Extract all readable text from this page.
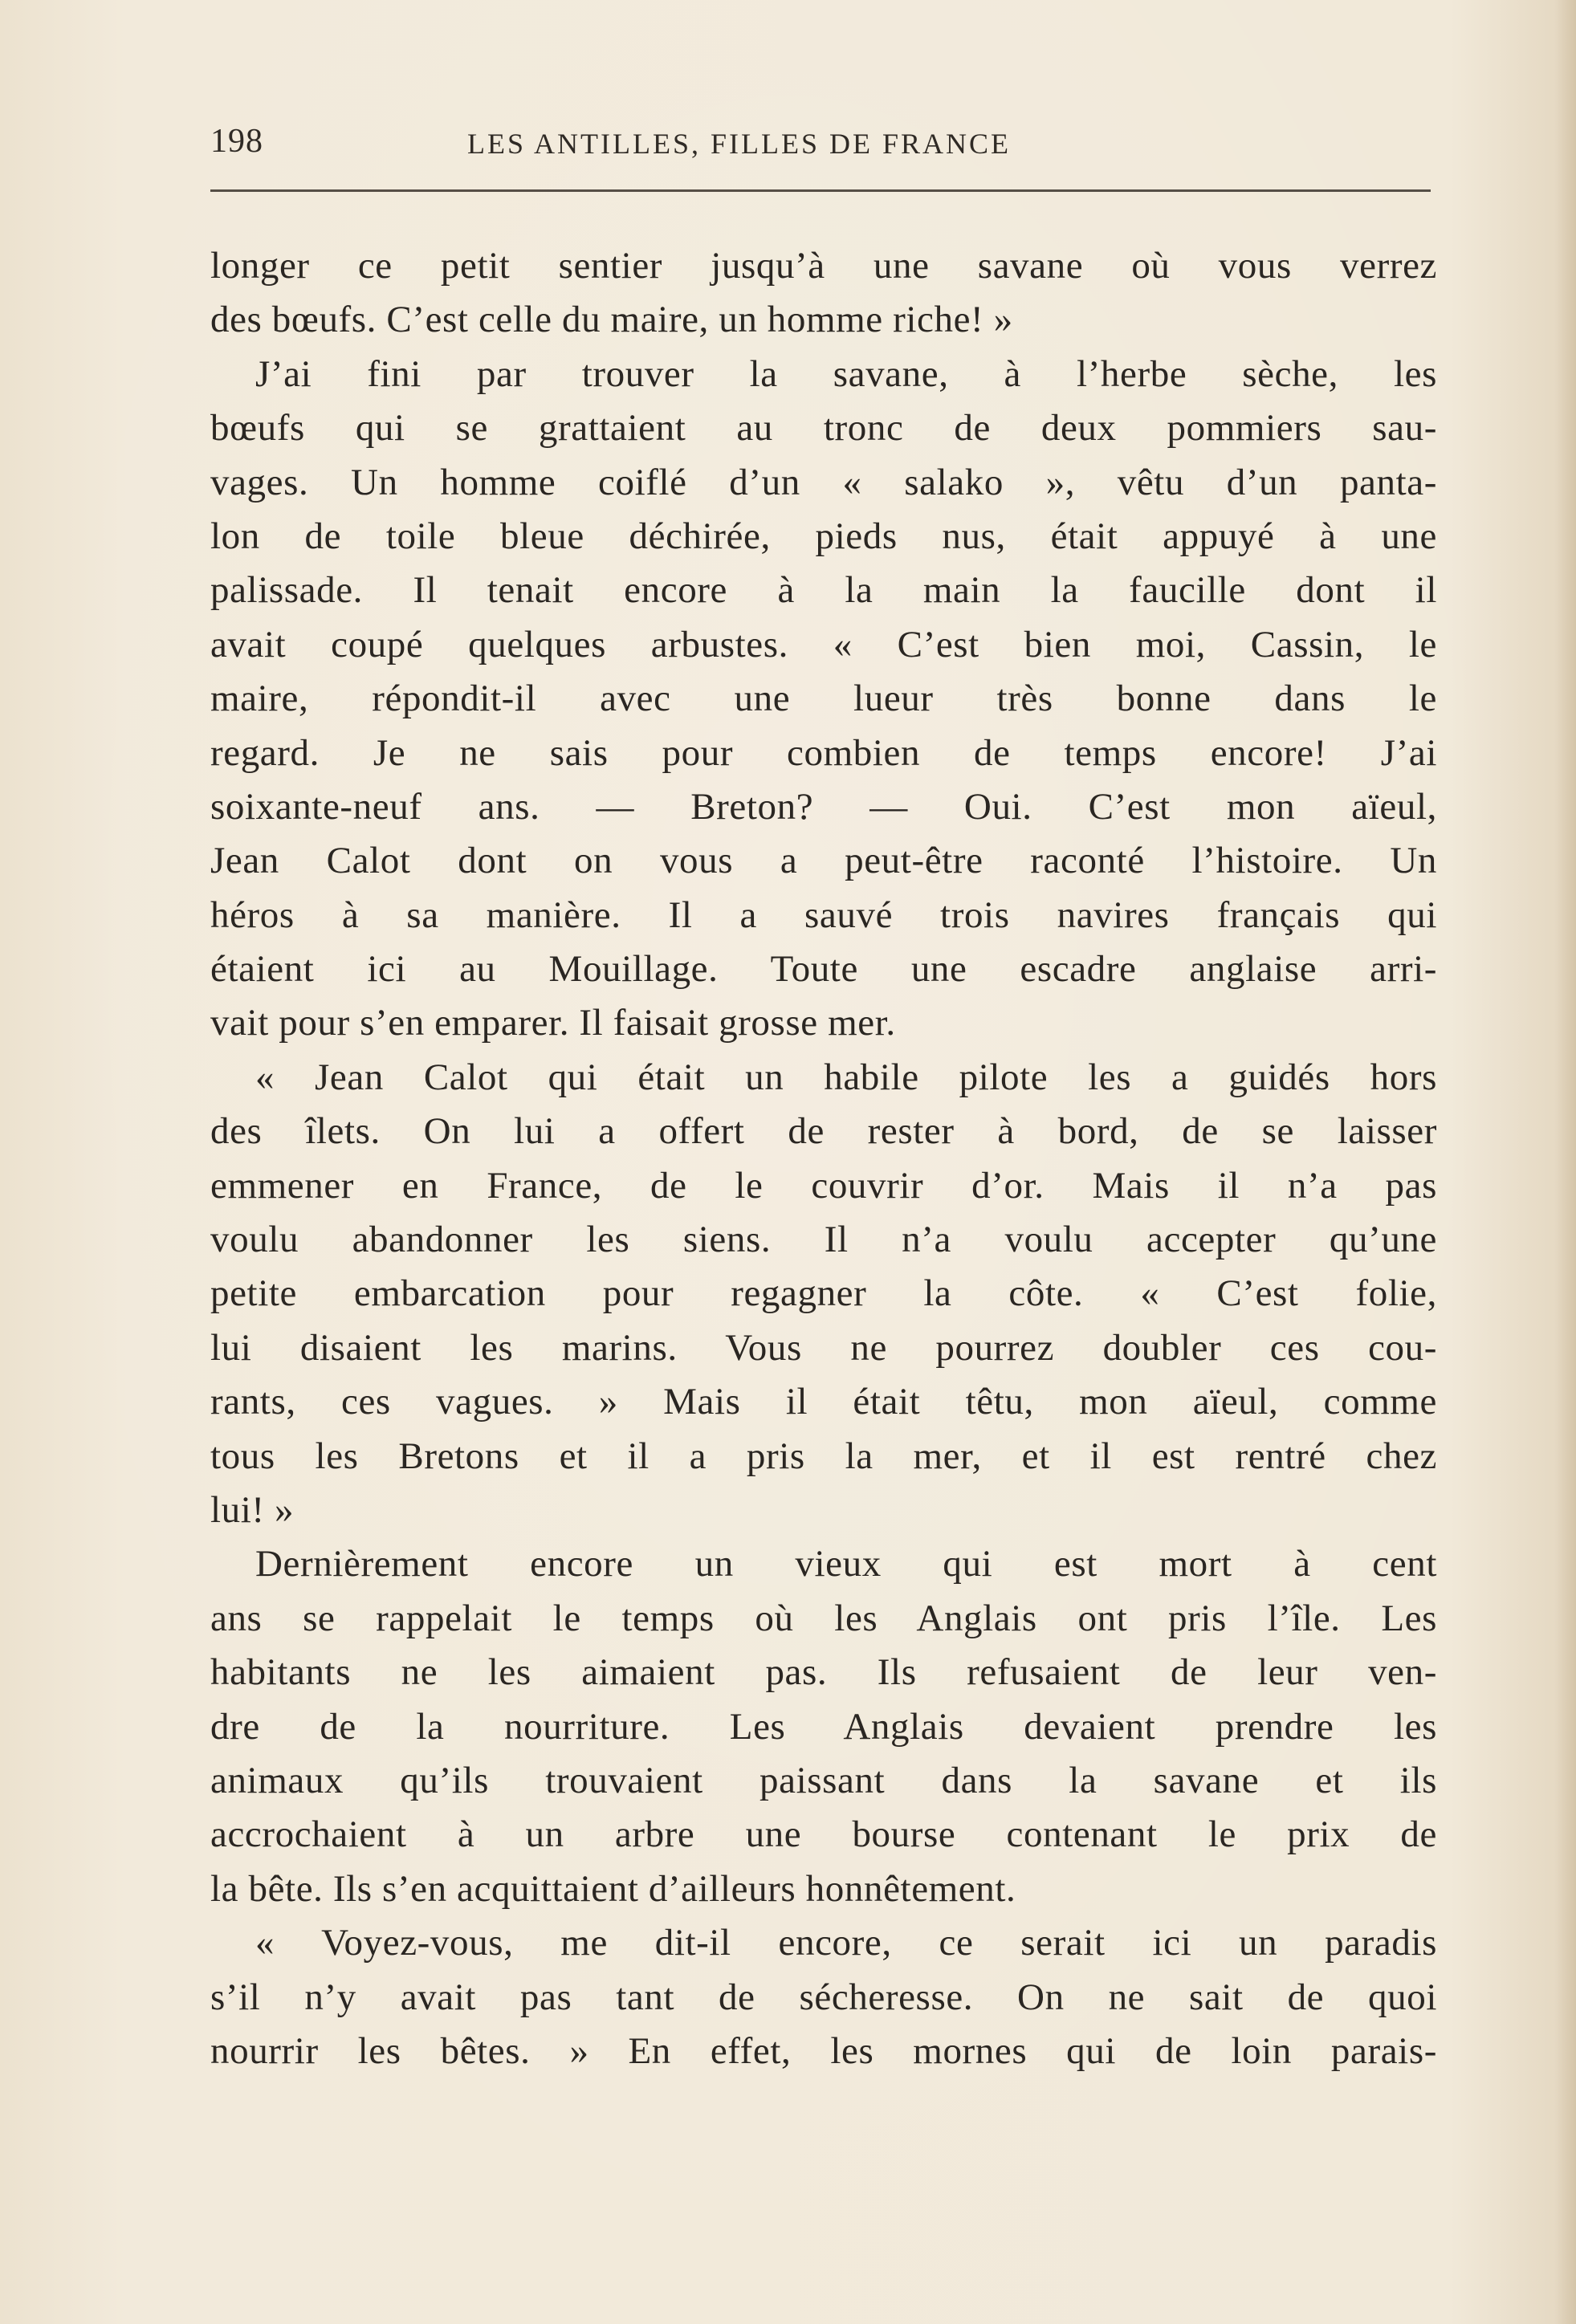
198	LES ANTILLES, FILLES DE FRANCE
longer ce petit sentier jusqu’à une savane où vous verrez
des bœufs. C’est celle du maire, un homme riche! »
J’ai fini par trouver la savane, à l’herbe sèche, les
bœufs qui se grattaient au tronc de deux pommiers sau-
vages. Un homme coiflé d’un « salako », vêtu d’un panta-
lon de toile bleue déchirée, pieds nus, était appuyé à une
palissade. Il tenait encore à la main la faucille dont il
avait coupé quelques arbustes. « C’est bien moi, Cassin, le
maire, répondit-il avec une lueur très bonne dans le
regard. Je ne sais pour combien de temps encore! J’ai
soixante-neuf ans. — Breton? — Oui. C’est mon aïeul,
Jean Calot dont on vous a peut-être raconté l’histoire. Un
héros à sa manière. Il a sauvé trois navires français qui
étaient ici au Mouillage. Toute une escadre anglaise arri-
vait pour s’en emparer. Il faisait grosse mer.
« Jean Calot qui était un habile pilote les a guidés hors
des îlets. On lui a offert de rester à bord, de se laisser
emmener en France, de le couvrir d’or. Mais il n’a pas
voulu abandonner les siens. Il n’a voulu accepter qu’une
petite embarcation pour regagner la côte. « C’est folie,
lui disaient les marins. Vous ne pourrez doubler ces cou-
rants, ces vagues. » Mais il était têtu, mon aïeul, comme
tous les Bretons et il a pris la mer, et il est rentré chez
lui! »
Dernièrement encore un vieux qui est mort à cent
ans se rappelait le temps où les Anglais ont pris l’île. Les
habitants ne les aimaient pas. Ils refusaient de leur ven-
dre de la nourriture. Les Anglais devaient prendre les
animaux qu’ils trouvaient paissant dans la savane et ils
accrochaient à un arbre une bourse contenant le prix de
la bête. Ils s’en acquittaient d’ailleurs honnêtement.
« Voyez-vous, me dit-il encore, ce serait ici un paradis
s’il n’y avait pas tant de sécheresse. On ne sait de quoi
nourrir les bêtes. » En effet, les mornes qui de loin parais-
